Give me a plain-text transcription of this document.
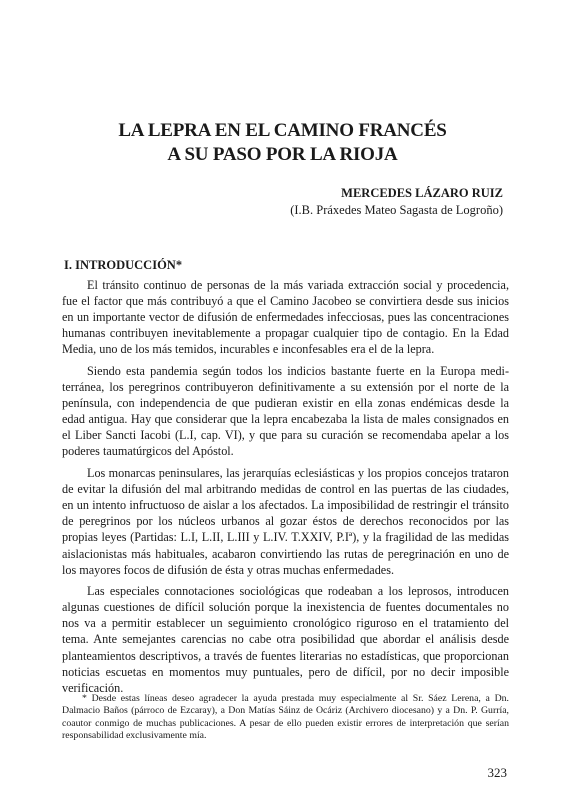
LA LEPRA EN EL CAMINO FRANCÉS
A SU PASO POR LA RIOJA
MERCEDES LÁZARO RUIZ
(I.B. Práxedes Mateo Sagasta de Logroño)
I. INTRODUCCIÓN*

El tránsito continuo de personas de la más variada extracción social y procedencia, fue el factor que más contribuyó a que el Camino Jacobeo se convirtiera desde sus inicios en un importante vector de difusión de enfermedades infecciosas, pues las concentraciones humanas contribuyen inevitablemente a propagar cualquier tipo de contagio. En la Edad Media, uno de los más temidos, incurables e inconfesables era el de la lepra.

Siendo esta pandemia según todos los indicios bastante fuerte en la Europa mediterránea, los peregrinos contribuyeron definitivamente a su extensión por el norte de la península, con independencia de que pudieran existir en ella zonas endémicas desde la edad antigua. Hay que considerar que la lepra encabezaba la lista de males consignados en el Liber Sancti Iacobi (L.I, cap. VI), y que para su curación se recomendaba apelar a los poderes taumatúrgicos del Apóstol.

Los monarcas peninsulares, las jerarquías eclesiásticas y los propios concejos trataron de evitar la difusión del mal arbitrando medidas de control en las puertas de las ciudades, en un intento infructuoso de aislar a los afectados. La imposibilidad de restringir el tránsito de peregrinos por los núcleos urbanos al gozar éstos de derechos reconocidos por las propias leyes (Partidas: L.I, L.II, L.III y L.IV. T.XXIV, P.Iª), y la fragilidad de las medidas aislacionistas más habituales, acabaron convirtiendo las rutas de peregrinación en uno de los mayores focos de difusión de ésta y otras muchas enfermedades.

Las especiales connotaciones sociológicas que rodeaban a los leprosos, introducen algunas cuestiones de difícil solución porque la inexistencia de fuentes documentales no nos va a permitir establecer un seguimiento cronológico riguroso en el tratamiento del tema. Ante semejantes carencias no cabe otra posibilidad que abordar el análisis desde planteamientos descriptivos, a través de fuentes literarias no estadísticas, que proporcionan noticias escuetas en momentos muy puntuales, pero de difícil, por no decir imposible verificación.

* Desde estas líneas deseo agradecer la ayuda prestada muy especialmente al Sr. Sáez Lerena, a Dn. Dalmacio Baños (párroco de Ezcaray), a Don Matías Sáinz de Ocáriz (Archivero diocesano) y a Dn. P. Gurría, coautor conmigo de muchas publicaciones. A pesar de ello pueden existir errores de interpretación que serían responsabilidad exclusivamente mía.

323
